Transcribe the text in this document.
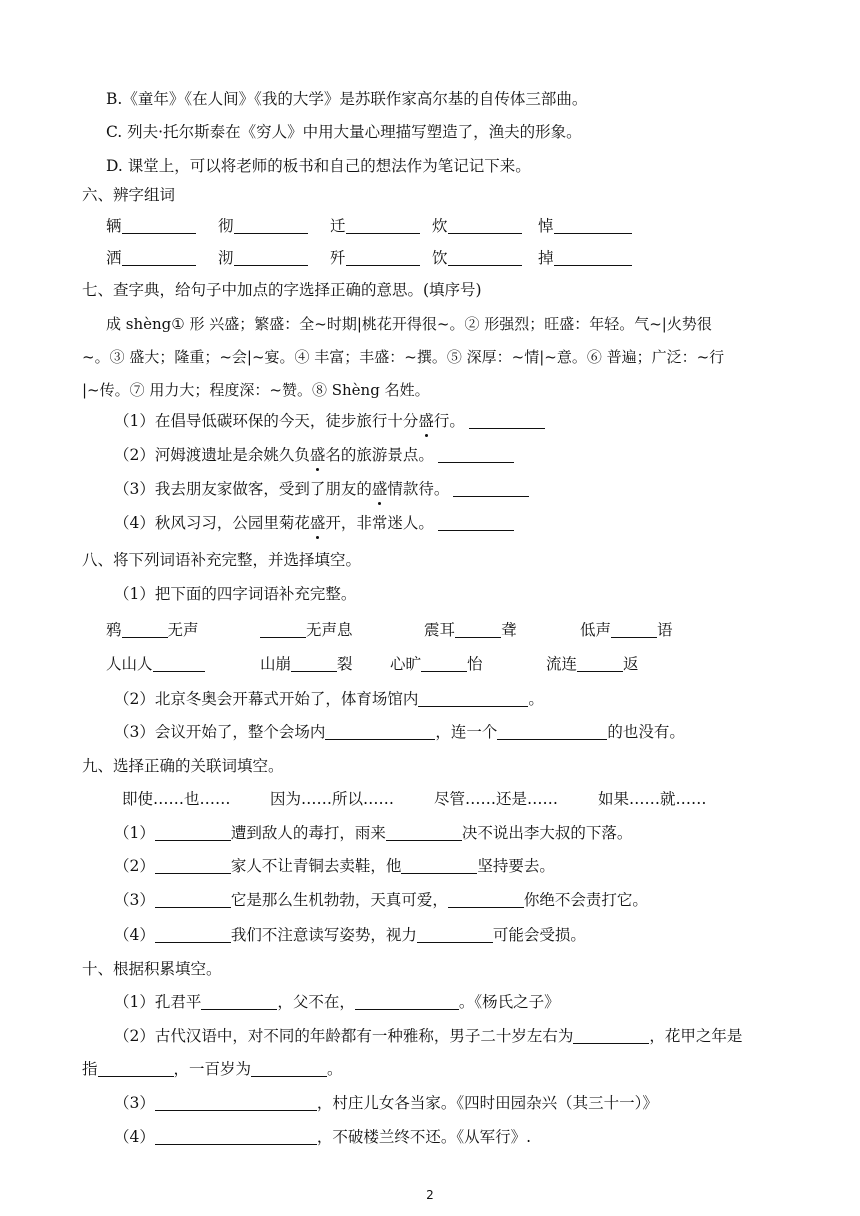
B.《童年》《在人间》《我的大学》是苏联作家高尔基的自传体三部曲。
C. 列夫·托尔斯泰在《穷人》中用大量心理描写塑造了，渔夫的形象。
D. 课堂上，可以将老师的板书和自己的想法作为笔记记下来。
六、辨字组词
辆	彻	迁	炊	悼
洒	沏	歼	饮	掉
七、查字典，给句子中加点的字选择正确的意思。(填序号)
成 shèng① 形 兴盛；繁盛：全~时期|桃花开得很~。② 形强烈；旺盛：年轻。气~|火势很
~。③ 盛大；隆重；~会|~宴。④ 丰富；丰盛：~撰。⑤ 深厚：~情|~意。⑥ 普遍；广泛：~行
|~传。⑦ 用力大；程度深：~赞。⑧ Shèng 名姓。
（1）在倡导低碳环保的今天，徒步旅行十分盛行。
（2）河姆渡遗址是余姚久负盛名的旅游景点。
（3）我去朋友家做客，受到了朋友的盛情款待。
（4）秋风习习，公园里菊花盛开，非常迷人。
八、将下列词语补充完整，并选择填空。
（1）把下面的四字词语补充完整。
鸦	无声	无声息	震耳	聋	低声	语
人山人	山崩	裂 心旷	怡	流连	返
（2）北京冬奥会开幕式开始了，体育场馆内	。
（3）会议开始了，整个会场内	，连一个	的也没有。
九、选择正确的关联词填空。
即使……也……	因为……所以……	尽管……还是……	如果……就……
（1）	遭到敌人的毒打，雨来	决不说出李大叔的下落。
（2）	家人不让青铜去卖鞋，他	坚持要去。
（3）	它是那么生机勃勃，天真可爱，	你绝不会责打它。
（4）	我们不注意读写姿势，视力	可能会受损。
十、根据积累填空。
（1）孔君平	，父不在，	。《杨氏之子》
（2）古代汉语中，对不同的年龄都有一种雅称，男子二十岁左右为	，花甲之年是
指	，一百岁为	。
（3）	，村庄儿女各当家。《四时田园杂兴（其三十一）》
（4）	，不破楼兰终不还。《从军行》.
2
